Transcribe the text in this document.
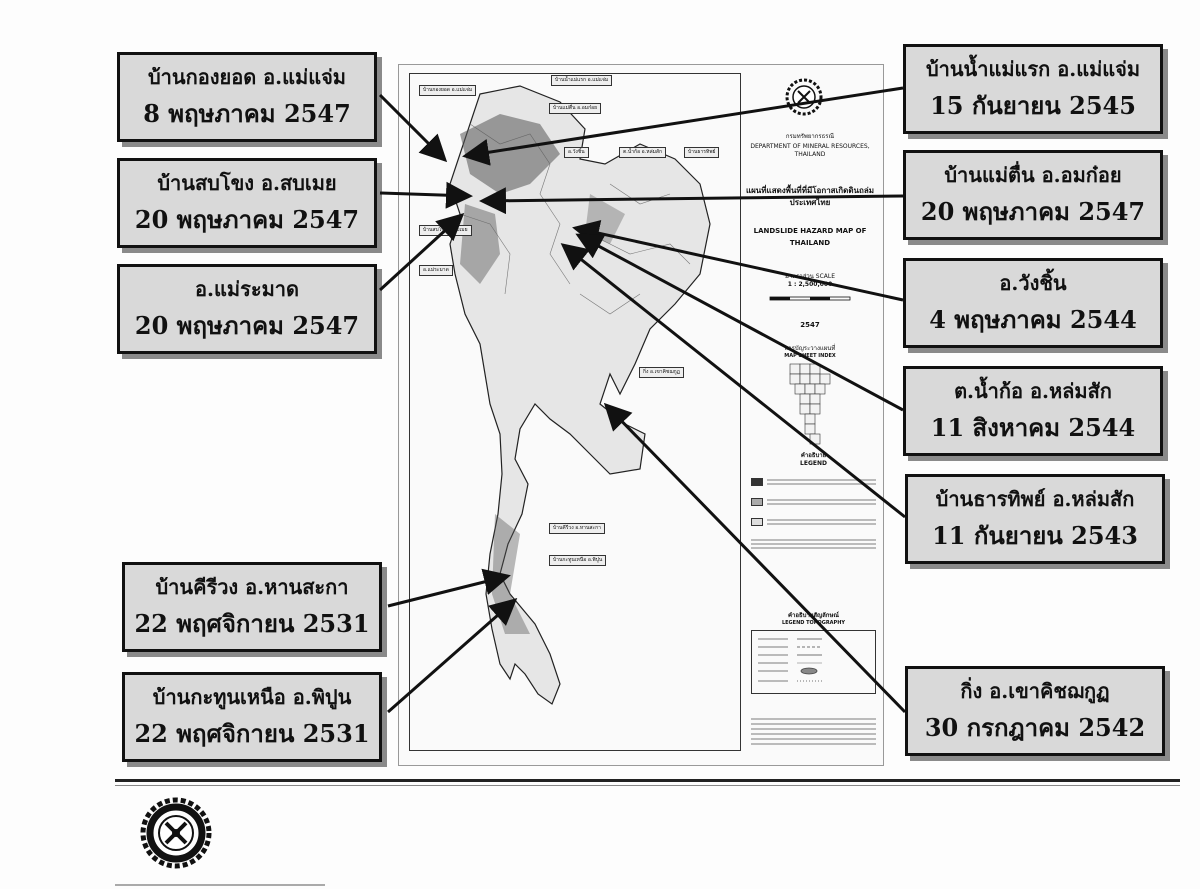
บ้านน้ำแม่แรก อ.แม่แจ่ม
บ้านกองยอด อ.แม่แจ่ม
บ้านแม่ตื่น อ.อมก๋อย
อ.วังชิ้น	ต.น้ำก้อ อ.หล่มสัก	บ้านธารทิพย์
บ้านสบโขง อ.สบเมย
อ.แม่ระมาด
กิ่ง อ.เขาคิชฌกูฏ
บ้านคีรีวง อ.หานสะกา
บ้านกะทูนเหนือ อ.พิปูน
กรมทรัพยากรธรณี
DEPARTMENT OF MINERAL RESOURCES, THAILAND
แผนที่แสดงพื้นที่ที่มีโอกาสเกิดดินถล่ม
ประเทศไทย
LANDSLIDE HAZARD MAP OF
THAILAND
มาตราส่วน SCALE
1 : 2,500,000
2547
สารบัญระวางแผนที่
MAP SHEET INDEX
คำอธิบาย
LEGEND
คำอธิบายสัญลักษณ์
LEGEND TOPOGRAPHY
บ้านกองยอด อ.แม่แจ่ม
8 พฤษภาคม 2547
บ้านสบโขง อ.สบเมย
20 พฤษภาคม 2547
อ.แม่ระมาด
20 พฤษภาคม 2547
บ้านคีรีวง อ.หานสะกา
22 พฤศจิกายน 2531
บ้านกะทูนเหนือ อ.พิปูน
22 พฤศจิกายน 2531
บ้านน้ำแม่แรก อ.แม่แจ่ม
15 กันยายน 2545
บ้านแม่ตื่น อ.อมก๋อย
20 พฤษภาคม 2547
อ.วังชิ้น
4 พฤษภาคม 2544
ต.น้ำก้อ อ.หล่มสัก
11 สิงหาคม 2544
บ้านธารทิพย์ อ.หล่มสัก
11 กันยายน 2543
กิ่ง อ.เขาคิชฌกูฏ
30 กรกฎาคม 2542
